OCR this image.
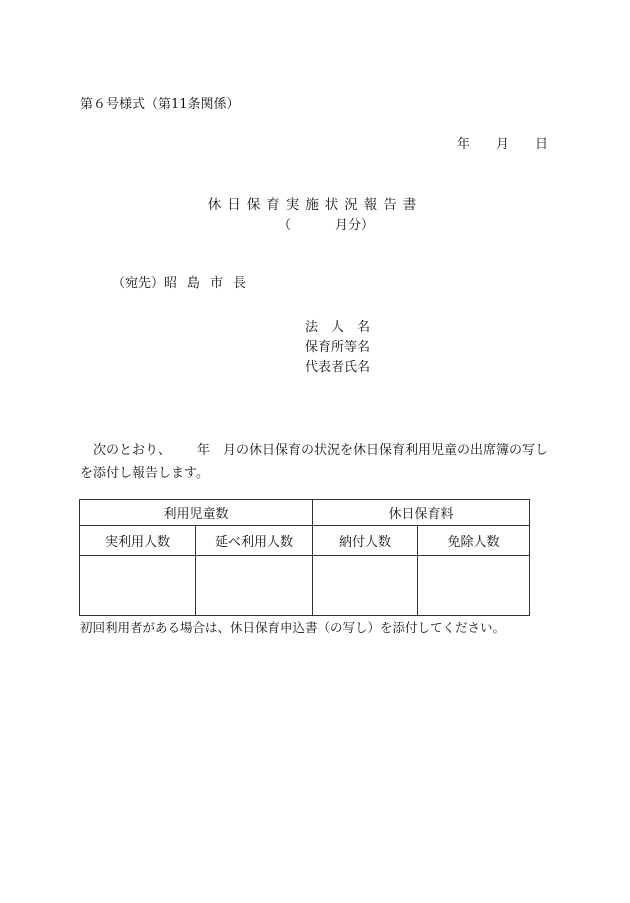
第６号様式（第11条関係）
年 月 日
休日保育実施状況報告書
（	月分）
（宛先）昭島市長
法　人　名
保育所等名
代表者氏名
次のとおり、 年 月の休日保育の状況を休日保育利用児童の出席簿の写しを添付し報告します。
利用児童数		休日保育料	
実利用人数	延べ利用人数	納付人数	免除人数

初回利用者がある場合は、休日保育申込書（の写し）を添付してください。
